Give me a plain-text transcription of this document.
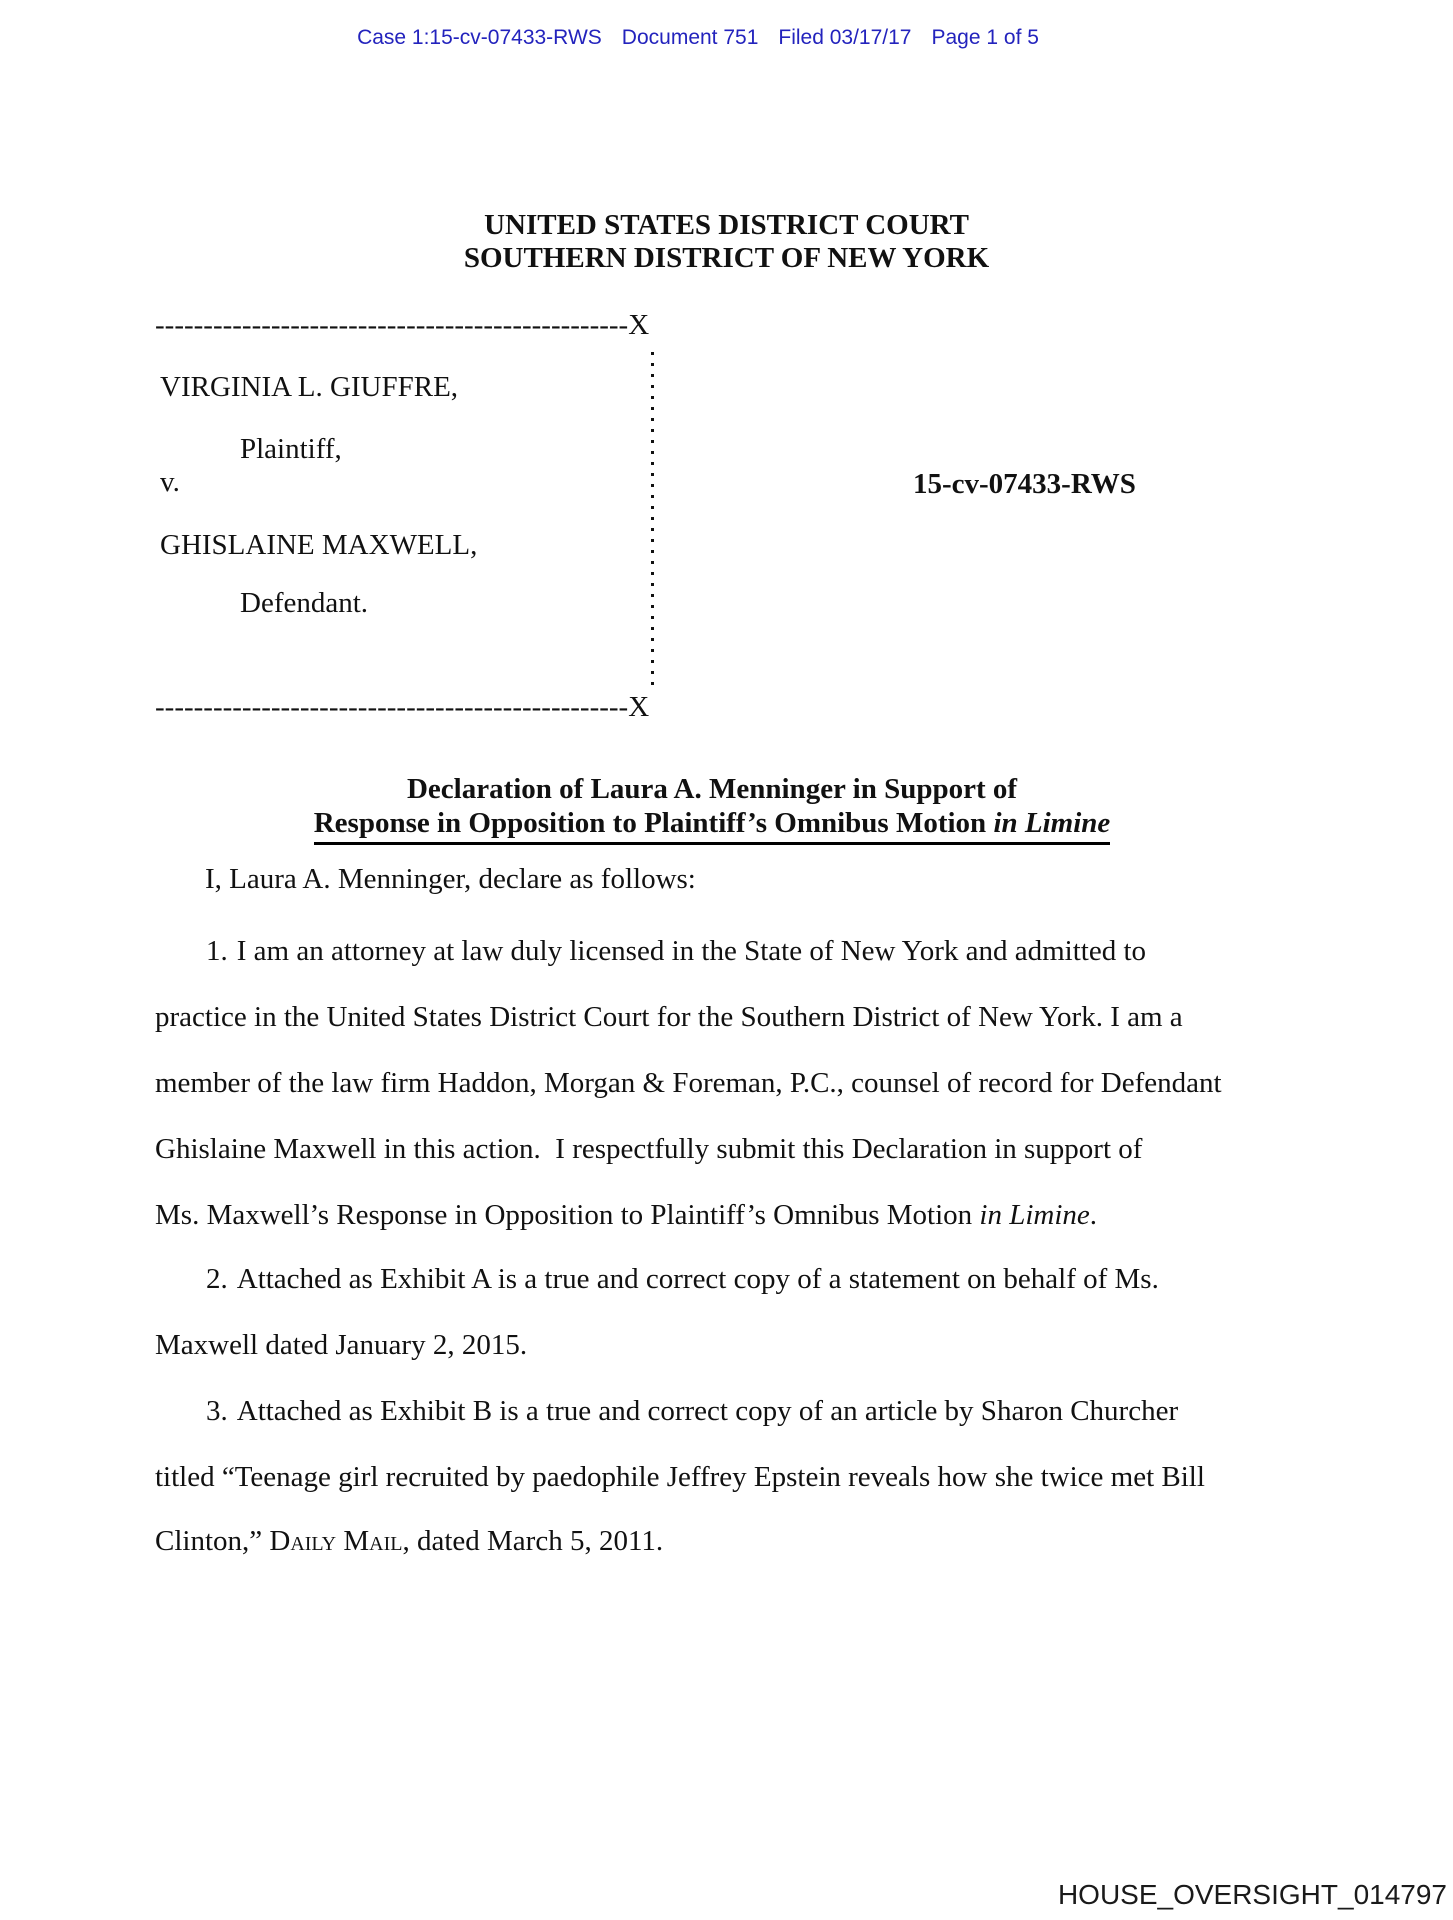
Case 1:15-cv-07433-RWS Document 751 Filed 03/17/17 Page 1 of 5
UNITED STATES DISTRICT COURT
SOUTHERN DISTRICT OF NEW YORK
-------------------------------------------------X
VIRGINIA L. GIUFFRE,
Plaintiff,
v.	15-cv-07433-RWS
GHISLAINE MAXWELL,
Defendant.
-------------------------------------------------X
Declaration of Laura A. Menninger in Support of
Response in Opposition to Plaintiff’s Omnibus Motion in Limine
I, Laura A. Menninger, declare as follows:
1. I am an attorney at law duly licensed in the State of New York and admitted to
practice in the United States District Court for the Southern District of New York. I am a
member of the law firm Haddon, Morgan & Foreman, P.C., counsel of record for Defendant
Ghislaine Maxwell in this action.  I respectfully submit this Declaration in support of
Ms. Maxwell’s Response in Opposition to Plaintiff’s Omnibus Motion in Limine.
2. Attached as Exhibit A is a true and correct copy of a statement on behalf of Ms.
Maxwell dated January 2, 2015.
3. Attached as Exhibit B is a true and correct copy of an article by Sharon Churcher
titled “Teenage girl recruited by paedophile Jeffrey Epstein reveals how she twice met Bill
Clinton,” Daily Mail, dated March 5, 2011.
HOUSE_OVERSIGHT_014797
